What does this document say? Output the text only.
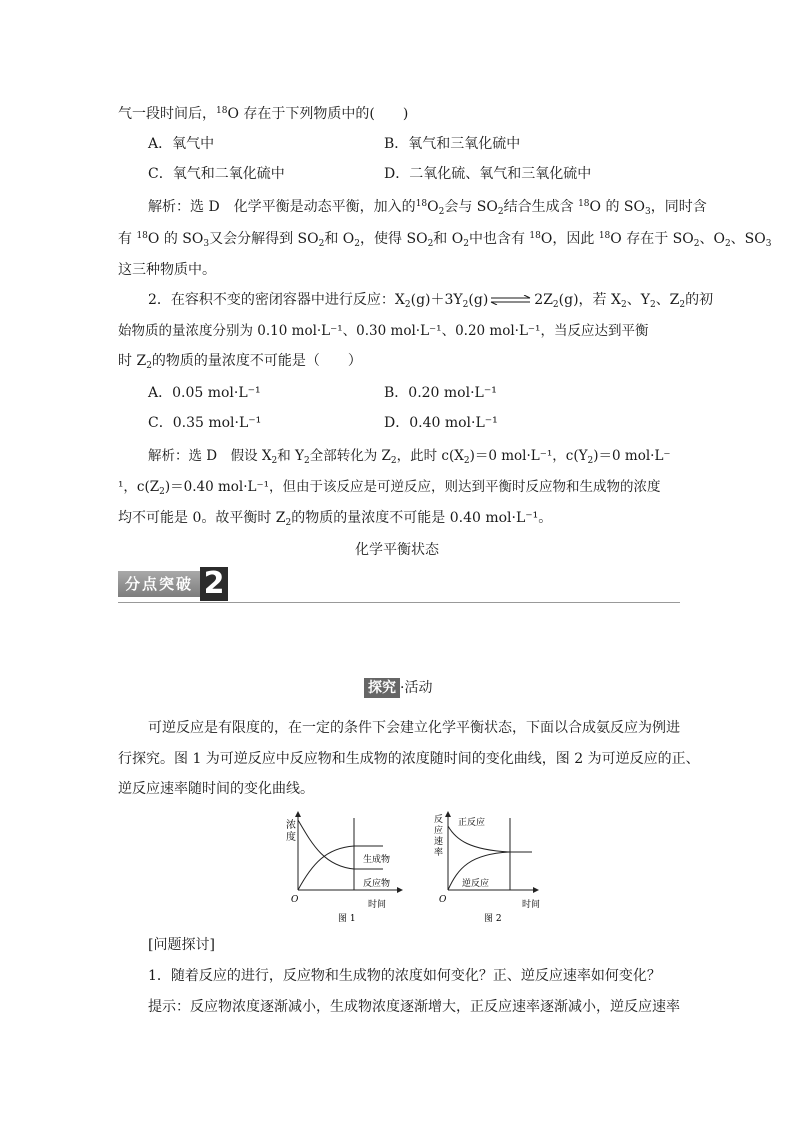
气一段时间后，$^{18}$O 存在于下列物质中的(　　)
A．氧气中	B．氧气和三氧化硫中
C．氧气和二氧化硫中	D．二氧化硫、氧气和三氧化硫中
解析：选 D　化学平衡是动态平衡，加入的$^{18}O_2$会与 $SO_2$结合生成含 $^{18}$O 的 $SO_3$，同时含
有 $^{18}$O 的 $SO_3$又会分解得到 $SO_2$和 $O_2$，使得 $SO_2$和 $O_2$中也含有 $^{18}$O，因此 $^{18}$O 存在于 $SO_2$、$O_2$、$SO_3$
这三种物质中。
2．在容积不变的密闭容器中进行反应：$X_2(g)+3Y_2(g)$ ⇌ $2Z_2(g)$，若 $X_2$、$Y_2$、$Z_2$的初
始物质的量浓度分别为 0.10 mol·L⁻¹、0.30 mol·L⁻¹、0.20 mol·L⁻¹，当反应达到平衡
时 $Z_2$的物质的量浓度不可能是（　　）
A．0.05 mol·L⁻¹	B．0.20 mol·L⁻¹
C．0.35 mol·L⁻¹	D．0.40 mol·L⁻¹
解析：选 D　假设 $X_2$和 $Y_2$全部转化为 $Z_2$，此时 $c(X_2)=0$ mol·L⁻¹，$c(Y_2)=0$ mol·L⁻
¹，$c(Z_2)=0.40$ mol·L⁻¹，但由于该反应是可逆反应，则达到平衡时反应物和生成物的浓度
均不可能是 0。故平衡时 $Z_2$的物质的量浓度不可能是 0.40 mol·L⁻¹。
化学平衡状态
分点突破 2
探究 ·活动
可逆反应是有限度的，在一定的条件下会建立化学平衡状态，下面以合成氨反应为例进
行探究。图 1 为可逆反应中反应物和生成物的浓度随时间的变化曲线，图 2 为可逆反应的正、
逆反应速率随时间的变化曲线。
浓
度
O	时间
生成物
反应物
图 1
反
应
速
率
正反应
逆反应
O	时间
图 2
[问题探讨]
1．随着反应的进行，反应物和生成物的浓度如何变化？正、逆反应速率如何变化？
提示：反应物浓度逐渐减小，生成物浓度逐渐增大，正反应速率逐渐减小，逆反应速率
